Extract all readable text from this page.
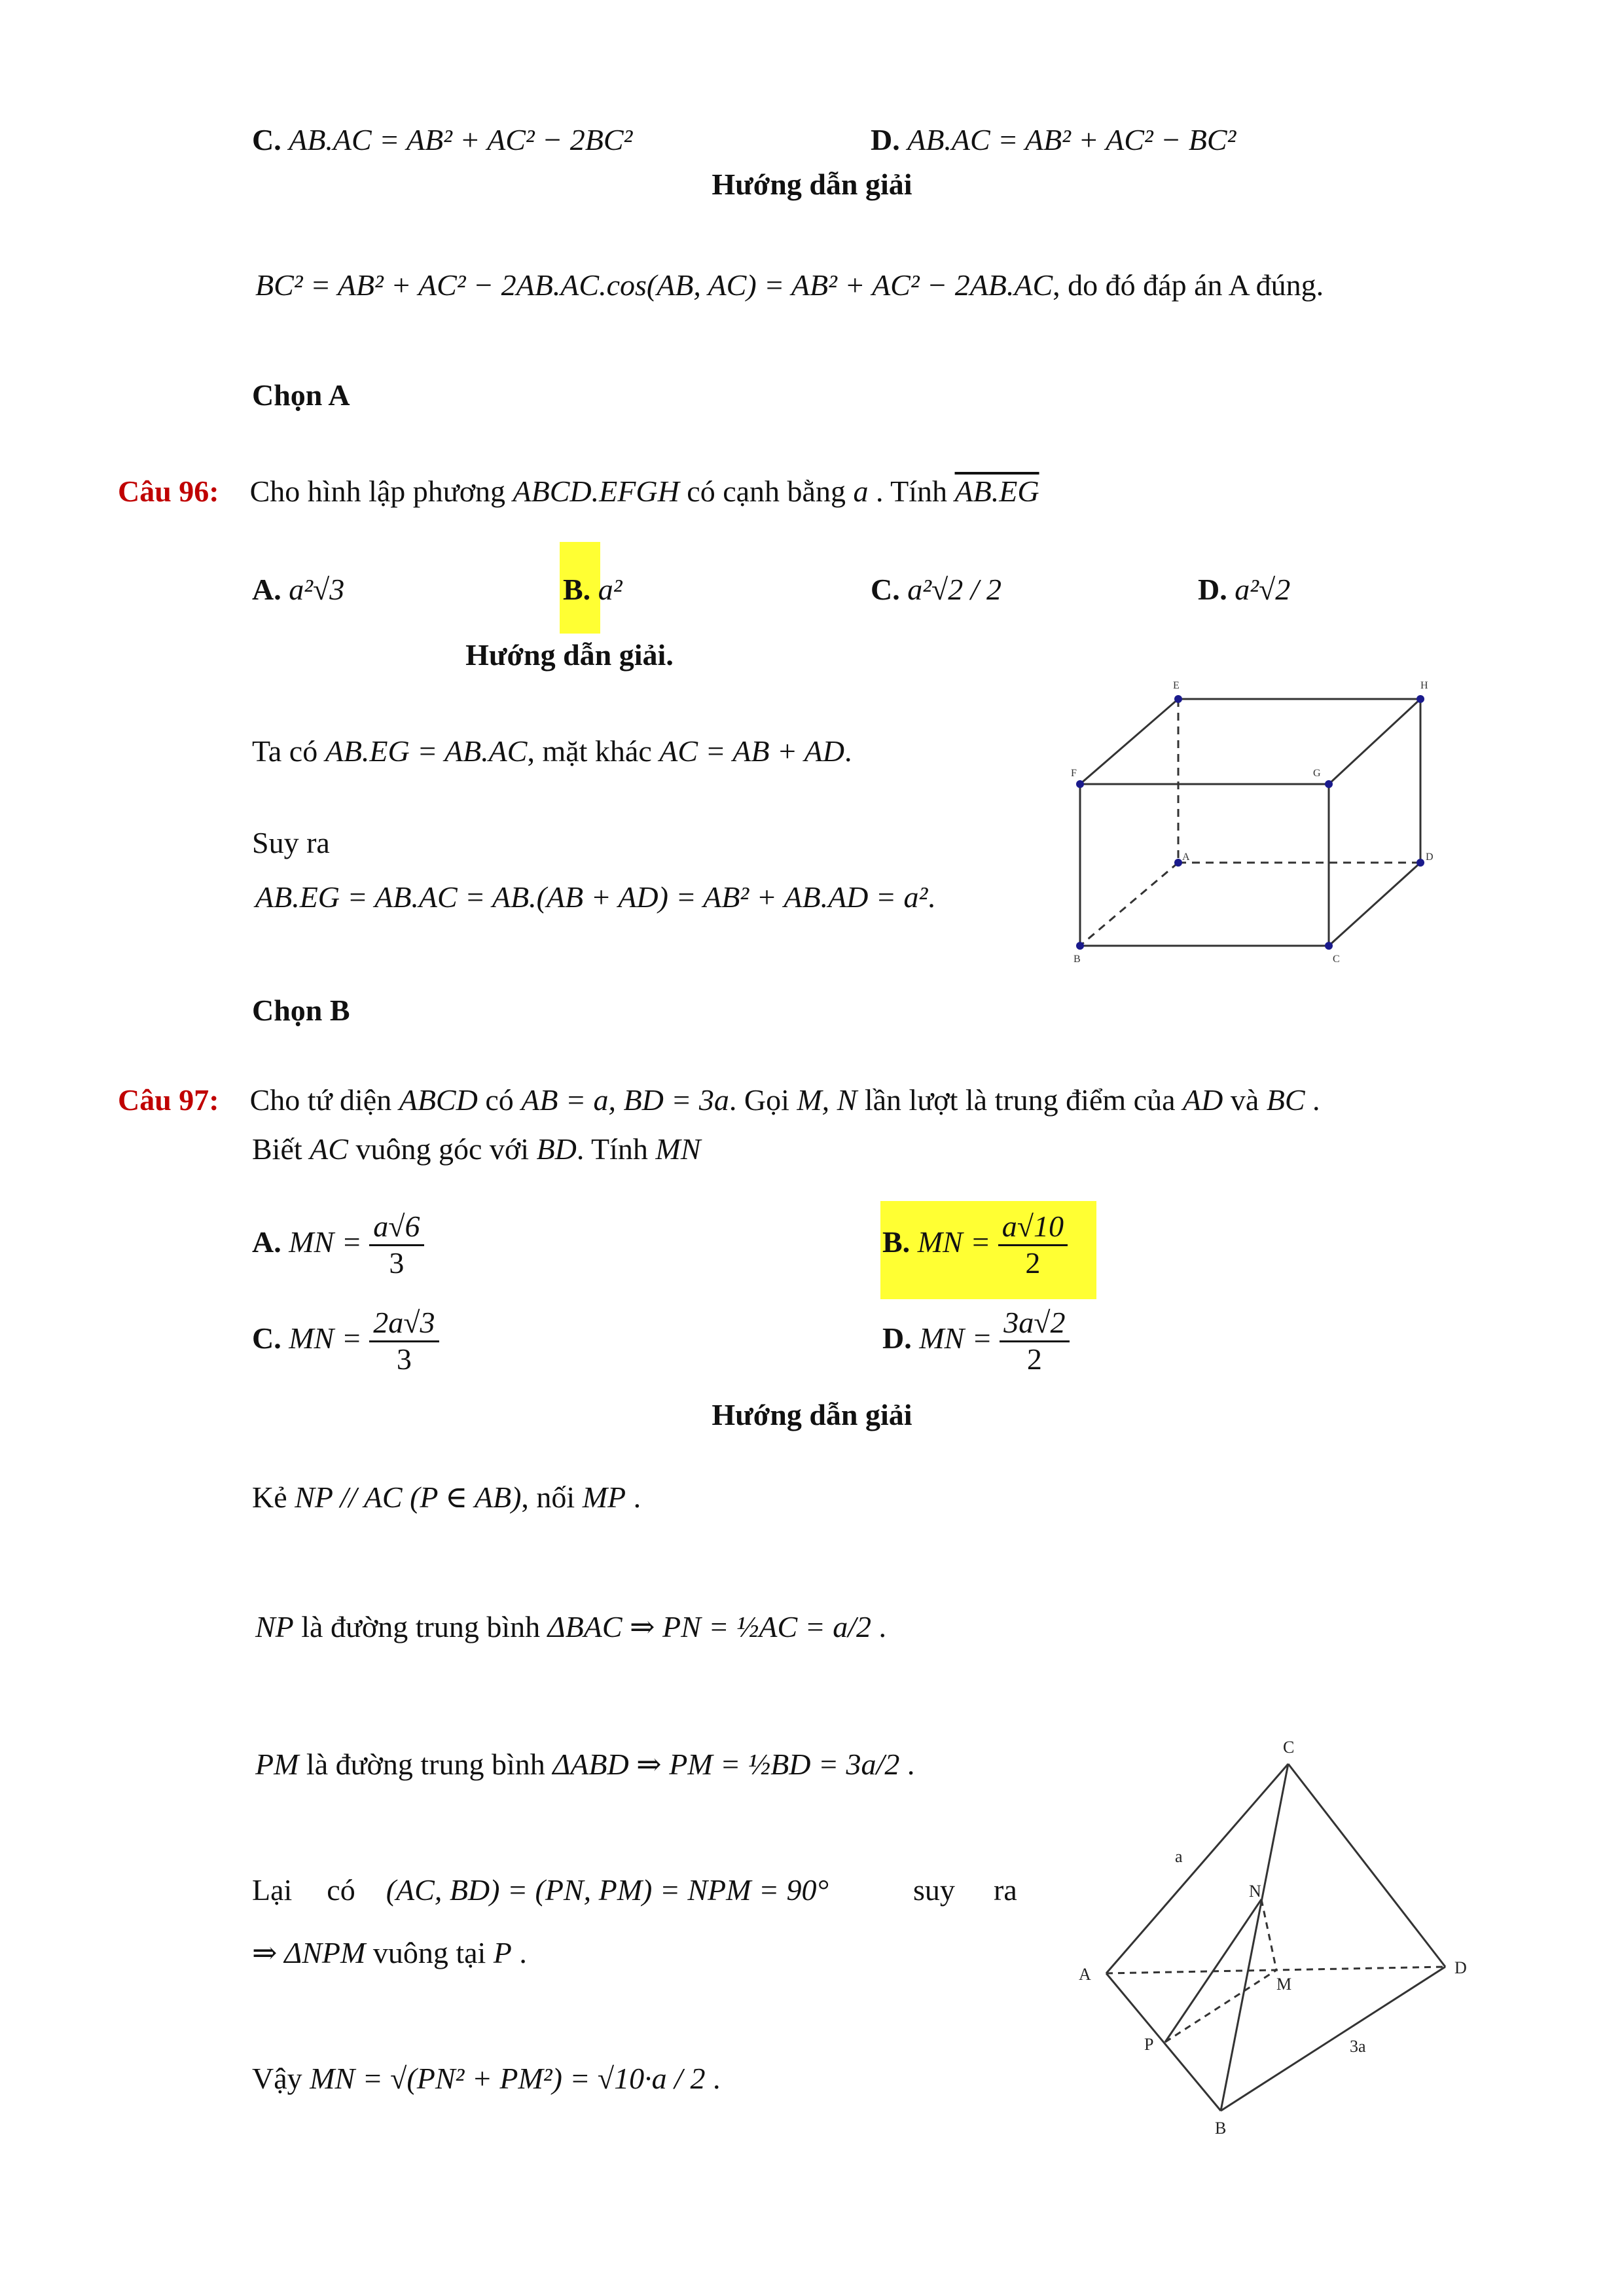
C. AB.AC = AB² + AC² − 2BC²	D. AB.AC = AB² + AC² − BC²
Hướng dẫn giải
BC² = AB² + AC² − 2AB.AC.cos(AB, AC) = AB² + AC² − 2AB.AC, do đó đáp án A đúng.
Chọn A
Câu 96: Cho hình lập phương ABCD.EFGH có cạnh bằng a . Tính AB.EG
A. a²√3	B. a²	C. a²√2 / 2	D. a²√2
Hướng dẫn giải.
Ta có AB.EG = AB.AC, mặt khác AC = AB + AD.
Suy ra
AB.EG = AB.AC = AB.(AB + AD) = AB² + AB.AD = a².
Chọn B
E	H
F	G
A	D
B	C
Câu 97: Cho tứ diện ABCD có AB = a, BD = 3a. Gọi M, N lần lượt là trung điểm của AD và BC .
Biết AC vuông góc với BD. Tính MN
A. MN = $\frac{a√6}{3}$	B. MN = $\frac{a√10}{2}$
C. MN = $\frac{2a√3}{3}$	D. MN = $\frac{3a√2}{2}$
Hướng dẫn giải
Kẻ NP // AC (P ∈ AB), nối MP .
NP là đường trung bình ΔBAC ⇒ PN = ½AC = a/2 .
PM là đường trung bình ΔABD ⇒ PM = ½BD = 3a/2 .
Lại có (AC, BD) = (PN, PM) = NPM = 90°	suy ra
⇒ ΔNPM vuông tại P .
Vậy MN = √(PN² + PM²) = √10·a / 2 .
C
a
N
A
M
D
P	3a
B
